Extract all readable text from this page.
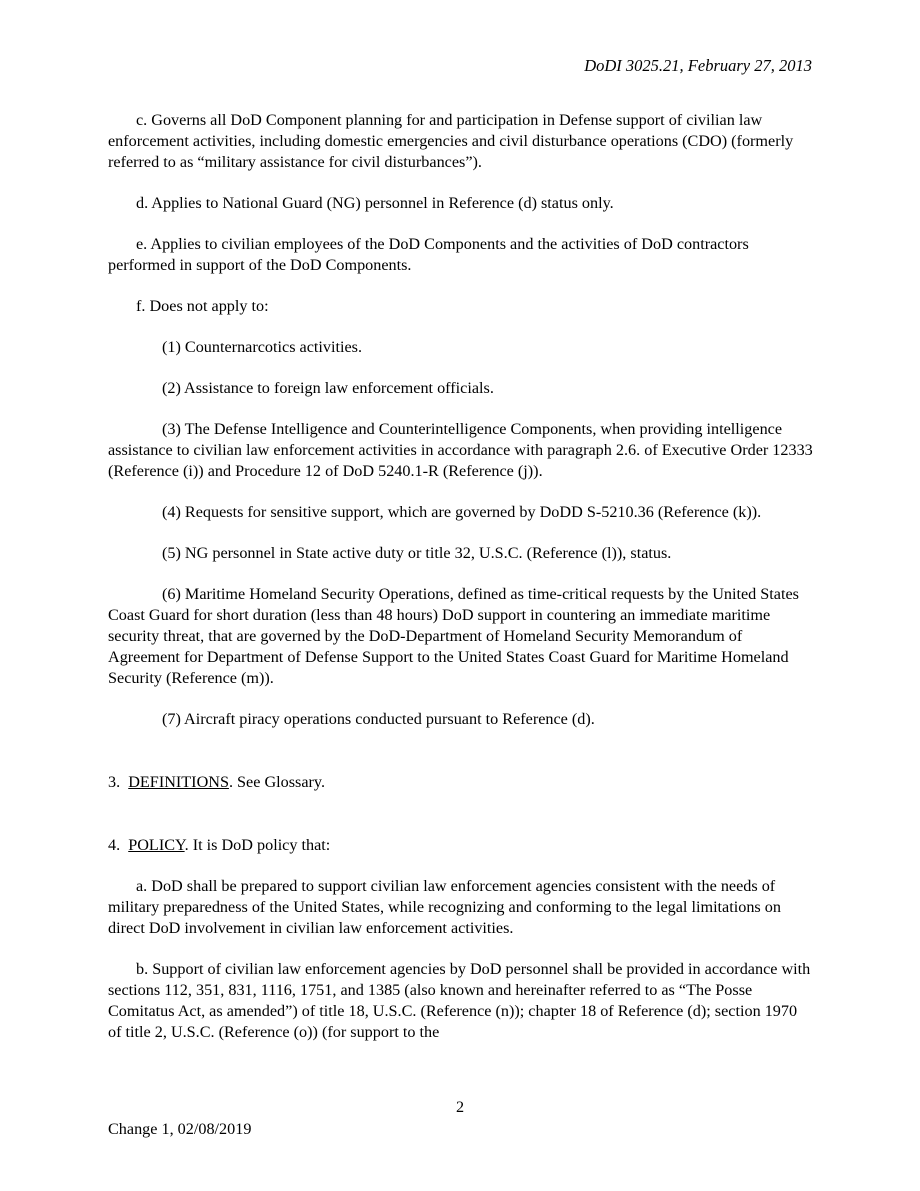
DoDI 3025.21, February 27, 2013

c. Governs all DoD Component planning for and participation in Defense support of civilian law enforcement activities, including domestic emergencies and civil disturbance operations (CDO) (formerly referred to as “military assistance for civil disturbances”).

d. Applies to National Guard (NG) personnel in Reference (d) status only.

e. Applies to civilian employees of the DoD Components and the activities of DoD contractors performed in support of the DoD Components.

f. Does not apply to:

(1) Counternarcotics activities.

(2) Assistance to foreign law enforcement officials.

(3) The Defense Intelligence and Counterintelligence Components, when providing intelligence assistance to civilian law enforcement activities in accordance with paragraph 2.6. of Executive Order 12333 (Reference (i)) and Procedure 12 of DoD 5240.1-R (Reference (j)).

(4) Requests for sensitive support, which are governed by DoDD S-5210.36 (Reference (k)).

(5) NG personnel in State active duty or title 32, U.S.C. (Reference (l)), status.

(6) Maritime Homeland Security Operations, defined as time-critical requests by the United States Coast Guard for short duration (less than 48 hours) DoD support in countering an immediate maritime security threat, that are governed by the DoD-Department of Homeland Security Memorandum of Agreement for Department of Defense Support to the United States Coast Guard for Maritime Homeland Security (Reference (m)).

(7) Aircraft piracy operations conducted pursuant to Reference (d).

3. DEFINITIONS. See Glossary.

4. POLICY. It is DoD policy that:

a. DoD shall be prepared to support civilian law enforcement agencies consistent with the needs of military preparedness of the United States, while recognizing and conforming to the legal limitations on direct DoD involvement in civilian law enforcement activities.

b. Support of civilian law enforcement agencies by DoD personnel shall be provided in accordance with sections 112, 351, 831, 1116, 1751, and 1385 (also known and hereinafter referred to as “The Posse Comitatus Act, as amended”) of title 18, U.S.C. (Reference (n)); chapter 18 of Reference (d); section 1970 of title 2, U.S.C. (Reference (o)) (for support to the

2
Change 1, 02/08/2019
